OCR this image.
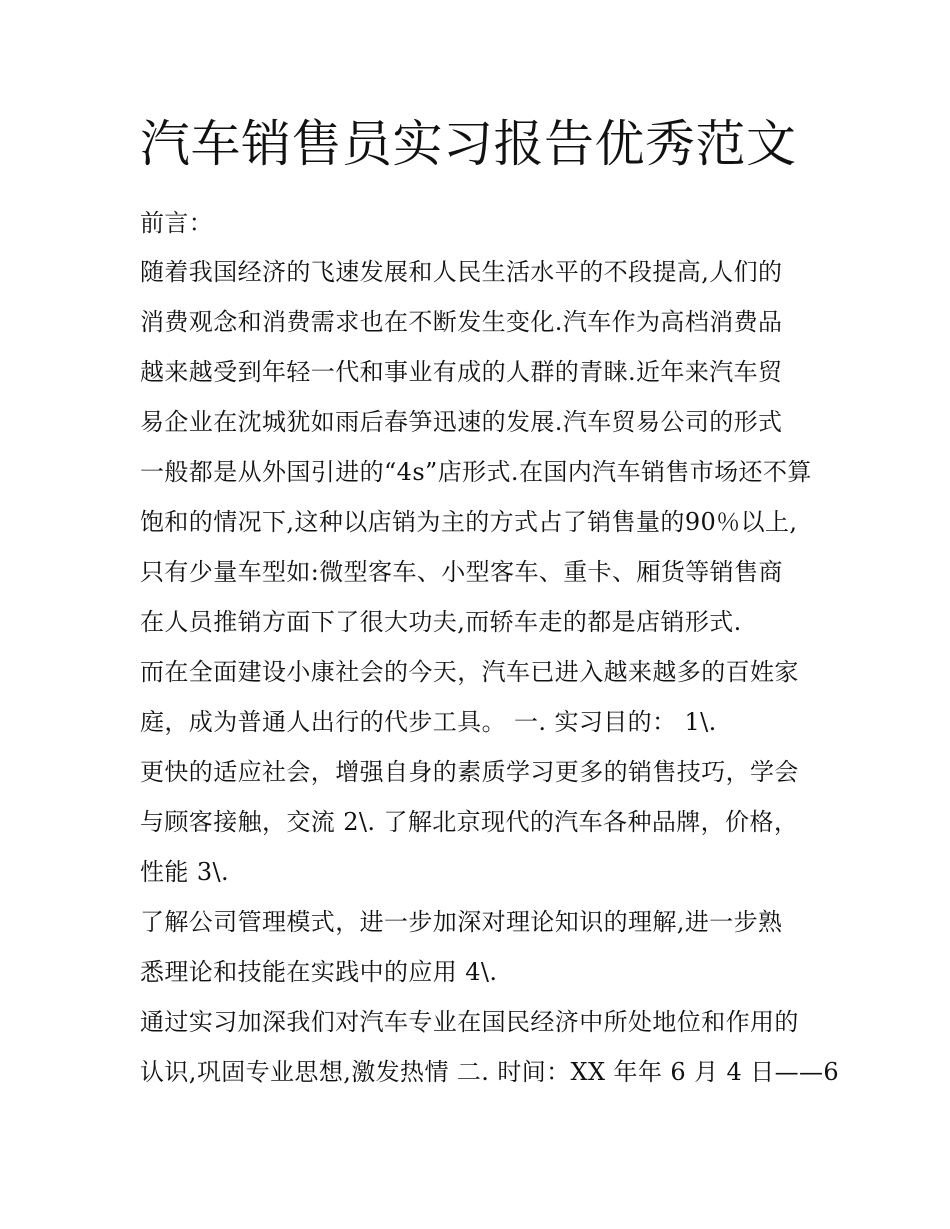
汽车销售员实习报告优秀范文

前言：

随着我国经济的飞速发展和人民生活水平的不段提高,人们的

消费观念和消费需求也在不断发生变化.汽车作为高档消费品

越来越受到年轻一代和事业有成的人群的青睐.近年来汽车贸

易企业在沈城犹如雨后春笋迅速的发展.汽车贸易公司的形式

一般都是从外国引进的“4s”店形式.在国内汽车销售市场还不算

饱和的情况下,这种以店销为主的方式占了销售量的90％以上,

只有少量车型如:微型客车、小型客车、重卡、厢货等销售商

在人员推销方面下了很大功夫,而轿车走的都是店销形式.

而在全面建设小康社会的今天，汽车已进入越来越多的百姓家

庭，成为普通人出行的代步工具。 一. 实习目的： 1\.

更快的适应社会，增强自身的素质学习更多的销售技巧，学会

与顾客接触，交流 2\. 了解北京现代的汽车各种品牌，价格，

性能 3\.

了解公司管理模式，进一步加深对理论知识的理解,进一步熟

悉理论和技能在实践中的应用 4\.

通过实习加深我们对汽车专业在国民经济中所处地位和作用的

认识,巩固专业思想,激发热情 二. 时间：XX 年年 6 月 4 日——6
